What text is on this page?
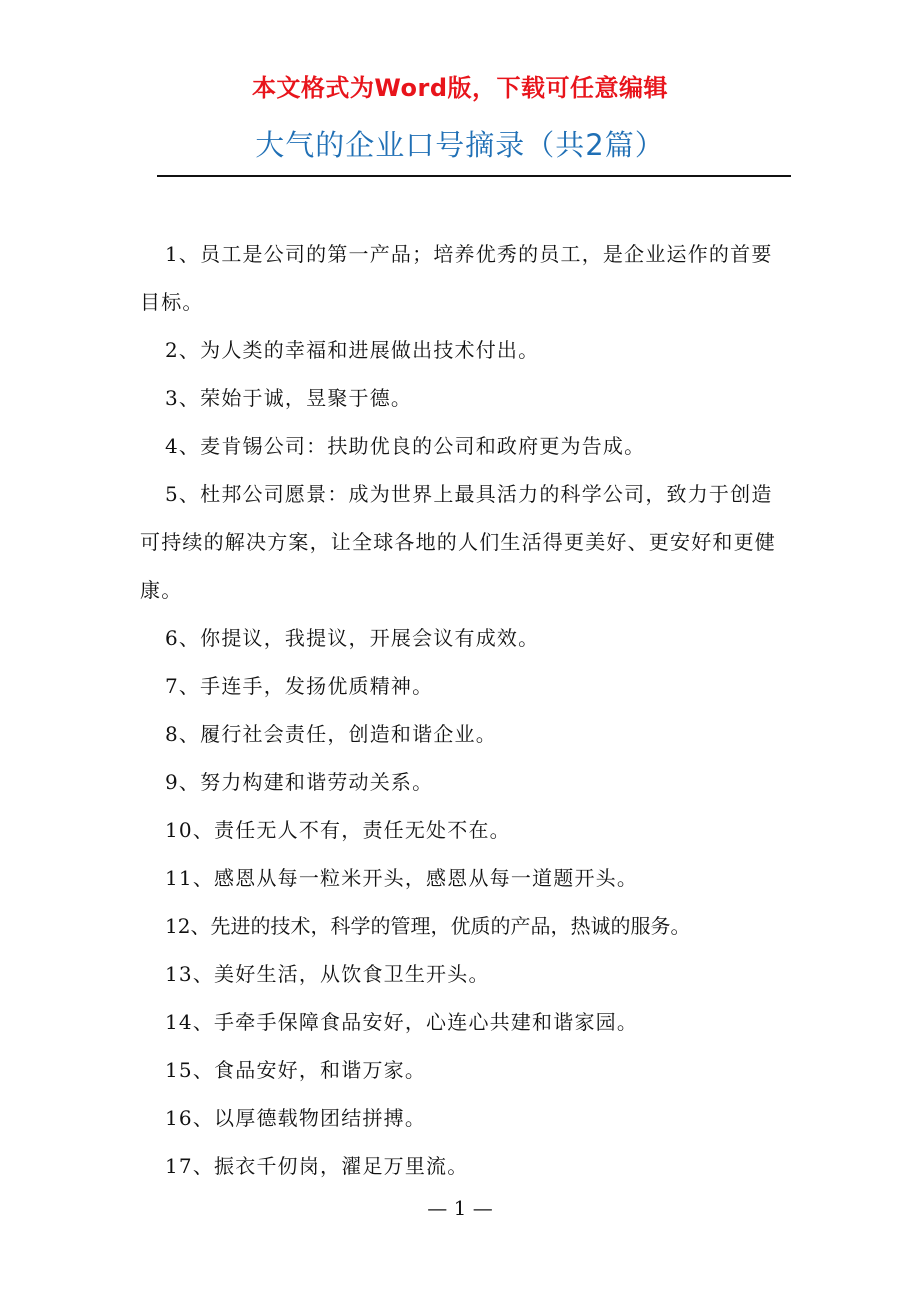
本文格式为Word版，下载可任意编辑
大气的企业口号摘录（共2篇）

1、员工是公司的第一产品；培养优秀的员工，是企业运作的首要目标。

2、为人类的幸福和进展做出技术付出。

3、荣始于诚，昱聚于德。

4、麦肯锡公司：扶助优良的公司和政府更为告成。

5、杜邦公司愿景：成为世界上最具活力的科学公司，致力于创造可持续的解决方案，让全球各地的人们生活得更美好、更安好和更健康。

6、你提议，我提议，开展会议有成效。

7、手连手，发扬优质精神。

8、履行社会责任，创造和谐企业。

9、努力构建和谐劳动关系。

10、责任无人不有，责任无处不在。

11、感恩从每一粒米开头，感恩从每一道题开头。

12、先进的技术，科学的管理，优质的产品，热诚的服务。

13、美好生活，从饮食卫生开头。

14、手牵手保障食品安好，心连心共建和谐家园。

15、食品安好，和谐万家。

16、以厚德载物团结拼搏。

17、振衣千仞岗，濯足万里流。

— 1 —
